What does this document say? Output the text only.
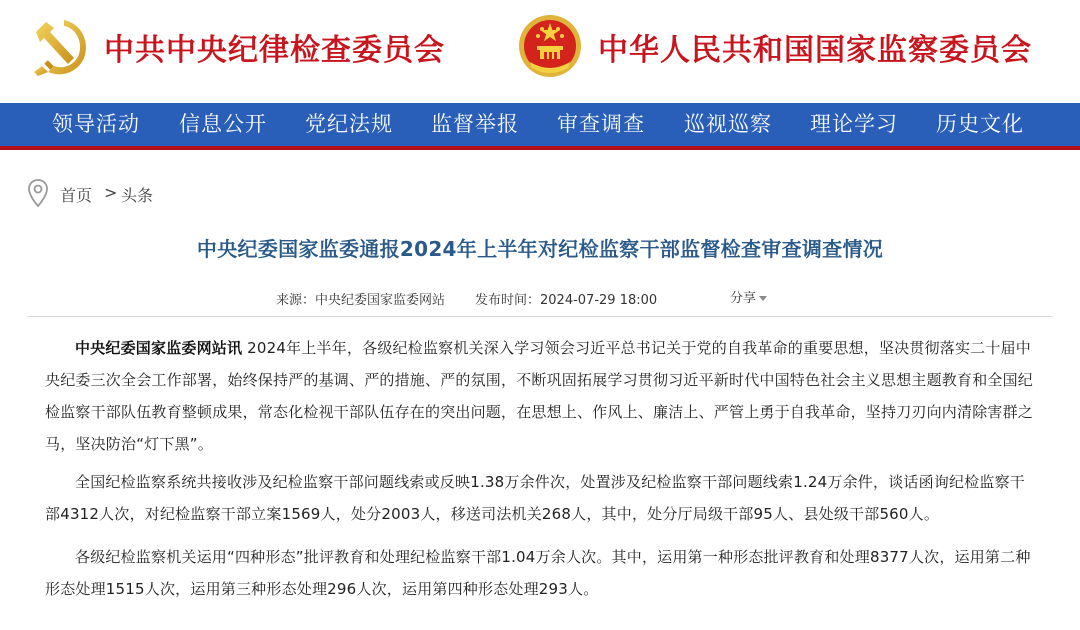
中共中央纪律检查委员会	中华人民共和国国家监察委员会
领导活动 信息公开 党纪法规 监督举报 审查调查 巡视巡察 理论学习 历史文化
首页 > 头条
中央纪委国家监委通报2024年上半年对纪检监察干部监督检查审查调查情况
来源：中央纪委国家监委网站 发布时间：2024-07-29 18:00	分享

中央纪委国家监委网站讯 2024年上半年，各级纪检监察机关深入学习领会习近平总书记关于党的自我革命的重要思想，坚决贯彻落实二十届中央纪委三次全会工作部署，始终保持严的基调、严的措施、严的氛围，不断巩固拓展学习贯彻习近平新时代中国特色社会主义思想主题教育和全国纪检监察干部队伍教育整顿成果，常态化检视干部队伍存在的突出问题，在思想上、作风上、廉洁上、严管上勇于自我革命，坚持刀刃向内清除害群之马，坚决防治“灯下黑”。

全国纪检监察系统共接收涉及纪检监察干部问题线索或反映1.38万余件次，处置涉及纪检监察干部问题线索1.24万余件，谈话函询纪检监察干部4312人次，对纪检监察干部立案1569人，处分2003人，移送司法机关268人，其中，处分厅局级干部95人、县处级干部560人。

各级纪检监察机关运用“四种形态”批评教育和处理纪检监察干部1.04万余人次。其中，运用第一种形态批评教育和处理8377人次，运用第二种形态处理1515人次，运用第三种形态处理296人次，运用第四种形态处理293人。
